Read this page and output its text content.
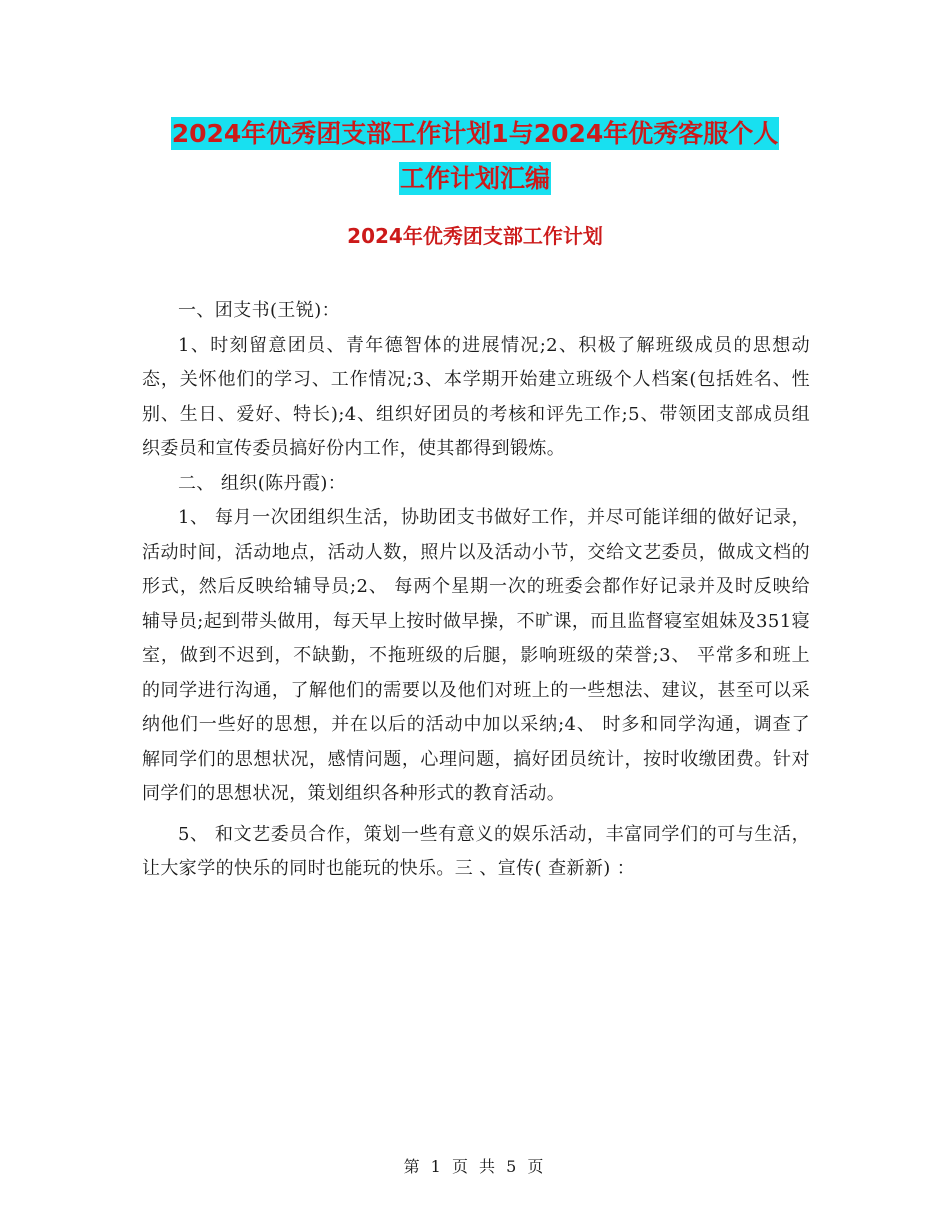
2024年优秀团支部工作计划1与2024年优秀客服个人
工作计划汇编
2024年优秀团支部工作计划

一、团支书(王锐)：

1、时刻留意团员、青年德智体的进展情况;2、积极了解班级成员的思想动态，关怀他们的学习、工作情况;3、本学期开始建立班级个人档案(包括姓名、性别、生日、爱好、特长);4、组织好团员的考核和评先工作;5、带领团支部成员组织委员和宣传委员搞好份内工作，使其都得到锻炼。

二、 组织(陈丹霞)：

1、 每月一次团组织生活，协助团支书做好工作，并尽可能详细的做好记录，活动时间，活动地点，活动人数，照片以及活动小节，交给文艺委员，做成文档的形式，然后反映给辅导员;2、 每两个星期一次的班委会都作好记录并及时反映给辅导员;起到带头做用，每天早上按时做早操，不旷课，而且监督寝室姐妹及351寝室，做到不迟到，不缺勤，不拖班级的后腿，影响班级的荣誉;3、 平常多和班上的同学进行沟通，了解他们的需要以及他们对班上的一些想法、建议，甚至可以采纳他们一些好的思想，并在以后的活动中加以采纳;4、 时多和同学沟通，调查了解同学们的思想状况，感情问题，心理问题，搞好团员统计，按时收缴团费。针对同学们的思想状况，策划组织各种形式的教育活动。

5、 和文艺委员合作，策划一些有意义的娱乐活动，丰富同学们的可与生活，让大家学的快乐的同时也能玩的快乐。三 、宣传( 查新新) ：

第 1 页 共 5 页
